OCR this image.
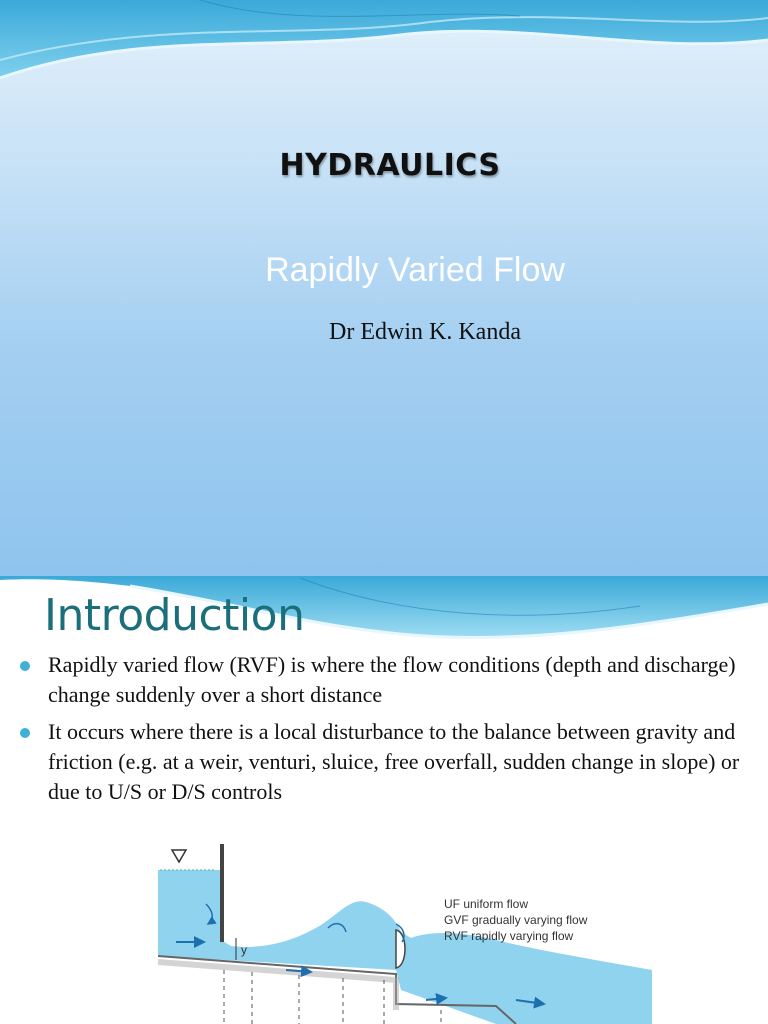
HYDRAULICS
Rapidly Varied Flow
Dr Edwin K. Kanda
Introduction
Rapidly varied flow (RVF) is where the flow conditions (depth and discharge) change suddenly over a short distance
It occurs where there is a local disturbance to the balance between gravity and friction (e.g. at a weir, venturi, sluice, free overfall, sudden change in slope) or due to U/S or D/S controls
y
UF uniform flow
GVF gradually varying flow
RVF rapidly varying flow
